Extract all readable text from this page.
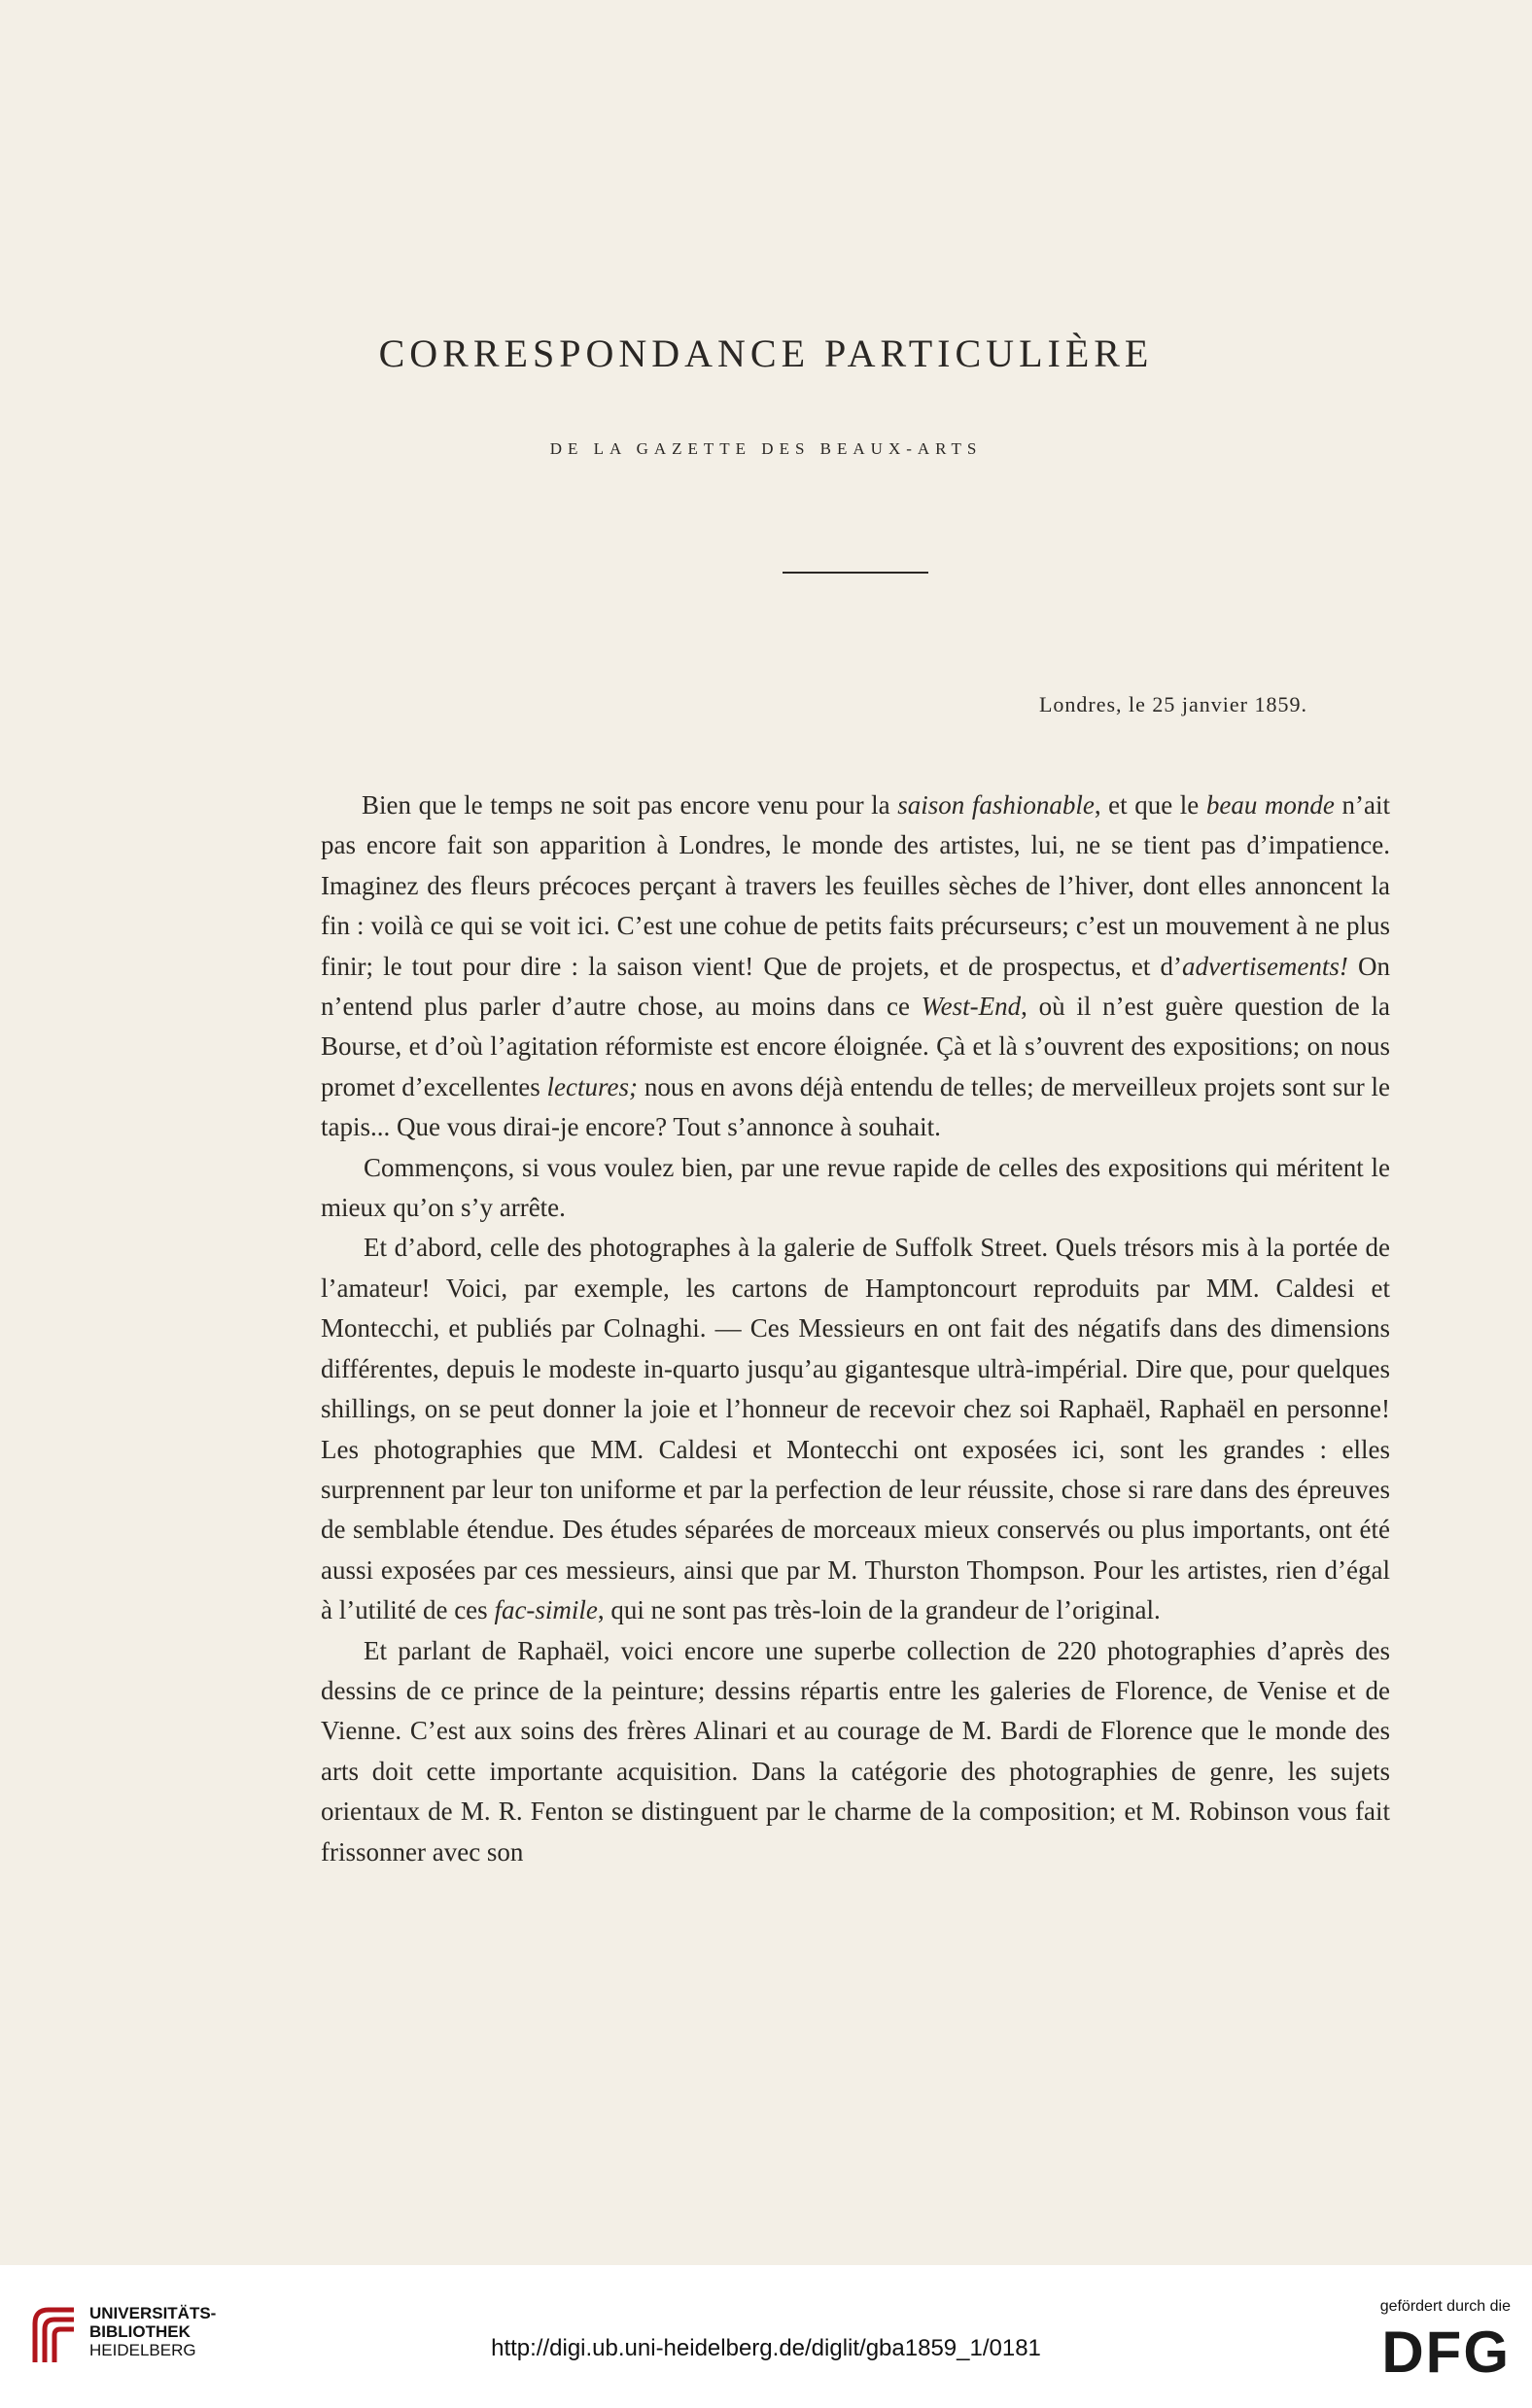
CORRESPONDANCE PARTICULIÈRE
DE LA GAZETTE DES BEAUX-ARTS
Londres, le 25 janvier 1859.

Bien que le temps ne soit pas encore venu pour la saison fashionable, et que le beau monde n’ait pas encore fait son apparition à Londres, le monde des artistes, lui, ne se tient pas d’impatience. Imaginez des fleurs précoces perçant à travers les feuilles sèches de l’hiver, dont elles annoncent la fin : voilà ce qui se voit ici. C’est une cohue de petits faits précurseurs; c’est un mouvement à ne plus finir; le tout pour dire : la saison vient! Que de projets, et de prospectus, et d’advertisements! On n’entend plus parler d’autre chose, au moins dans ce West-End, où il n’est guère question de la Bourse, et d’où l’agitation réformiste est encore éloignée. Çà et là s’ouvrent des expositions; on nous promet d’excellentes lectures; nous en avons déjà entendu de telles; de merveilleux projets sont sur le tapis... Que vous dirai-je encore? Tout s’annonce à souhait.

Commençons, si vous voulez bien, par une revue rapide de celles des expositions qui méritent le mieux qu’on s’y arrête.

Et d’abord, celle des photographes à la galerie de Suffolk Street. Quels trésors mis à la portée de l’amateur! Voici, par exemple, les cartons de Hamptoncourt reproduits par MM. Caldesi et Montecchi, et publiés par Colnaghi. — Ces Messieurs en ont fait des négatifs dans des dimensions différentes, depuis le modeste in-quarto jusqu’au gigantesque ultrà-impérial. Dire que, pour quelques shillings, on se peut donner la joie et l’honneur de recevoir chez soi Raphaël, Raphaël en personne! Les photographies que MM. Caldesi et Montecchi ont exposées ici, sont les grandes : elles surprennent par leur ton uniforme et par la perfection de leur réussite, chose si rare dans des épreuves de semblable étendue. Des études séparées de morceaux mieux conservés ou plus importants, ont été aussi exposées par ces messieurs, ainsi que par M. Thurston Thompson. Pour les artistes, rien d’égal à l’utilité de ces fac-simile, qui ne sont pas très-loin de la grandeur de l’original.

Et parlant de Raphaël, voici encore une superbe collection de 220 photographies d’après des dessins de ce prince de la peinture; dessins répartis entre les galeries de Florence, de Venise et de Vienne. C’est aux soins des frères Alinari et au courage de M. Bardi de Florence que le monde des arts doit cette importante acquisition. Dans la catégorie des photographies de genre, les sujets orientaux de M. R. Fenton se distinguent par le charme de la composition; et M. Robinson vous fait frissonner avec son

UNIVERSITÄTS-
BIBLIOTHEK
HEIDELBERG	http://digi.ub.uni-heidelberg.de/diglit/gba1859_1/0181
gefördert durch die
DFG
